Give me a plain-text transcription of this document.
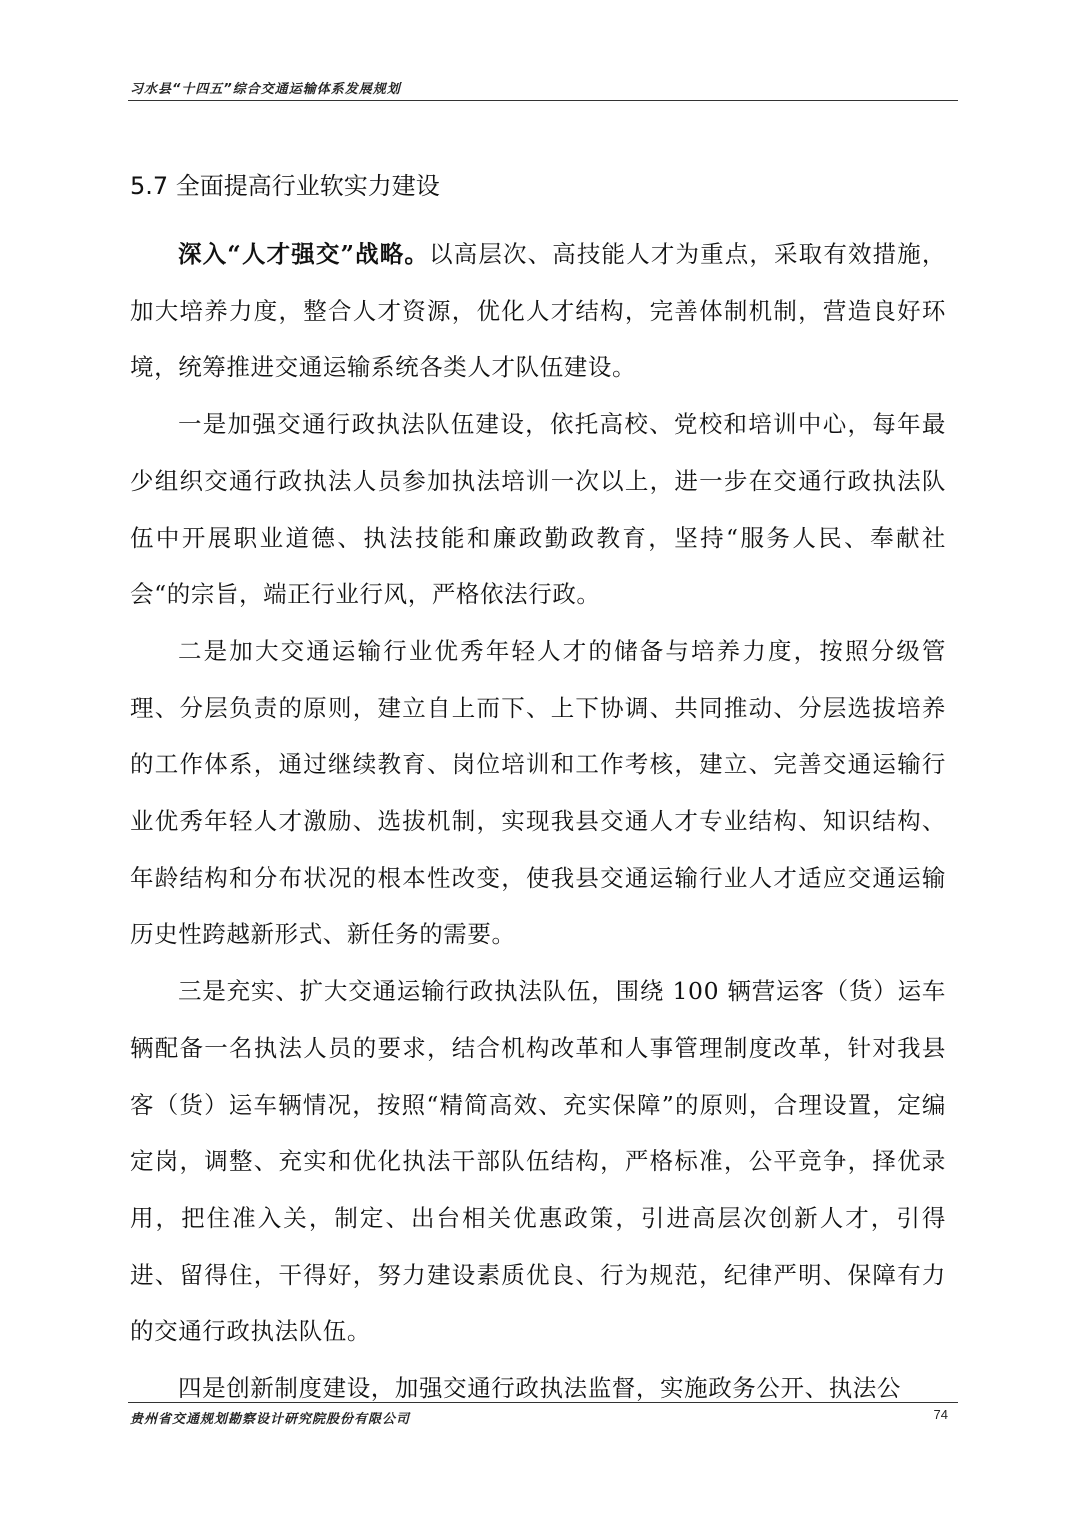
习水县“十四五”综合交通运输体系发展规划
5.7 全面提高行业软实力建设

深入“人才强交”战略。以高层次、高技能人才为重点，采取有效措施，加大培养力度，整合人才资源，优化人才结构，完善体制机制，营造良好环境，统筹推进交通运输系统各类人才队伍建设。

一是加强交通行政执法队伍建设，依托高校、党校和培训中心，每年最少组织交通行政执法人员参加执法培训一次以上，进一步在交通行政执法队伍中开展职业道德、执法技能和廉政勤政教育，坚持“服务人民、奉献社会“的宗旨，端正行业行风，严格依法行政。

二是加大交通运输行业优秀年轻人才的储备与培养力度，按照分级管理、分层负责的原则，建立自上而下、上下协调、共同推动、分层选拔培养的工作体系，通过继续教育、岗位培训和工作考核，建立、完善交通运输行业优秀年轻人才激励、选拔机制，实现我县交通人才专业结构、知识结构、年龄结构和分布状况的根本性改变，使我县交通运输行业人才适应交通运输历史性跨越新形式、新任务的需要。

三是充实、扩大交通运输行政执法队伍，围绕 100 辆营运客（货）运车辆配备一名执法人员的要求，结合机构改革和人事管理制度改革，针对我县客（货）运车辆情况，按照“精简高效、充实保障”的原则，合理设置，定编定岗，调整、充实和优化执法干部队伍结构，严格标准，公平竞争，择优录用，把住准入关，制定、出台相关优惠政策，引进高层次创新人才，引得进、留得住，干得好，努力建设素质优良、行为规范，纪律严明、保障有力的交通行政执法队伍。

四是创新制度建设，加强交通行政执法监督，实施政务公开、执法公

贵州省交通规划勘察设计研究院股份有限公司	74
